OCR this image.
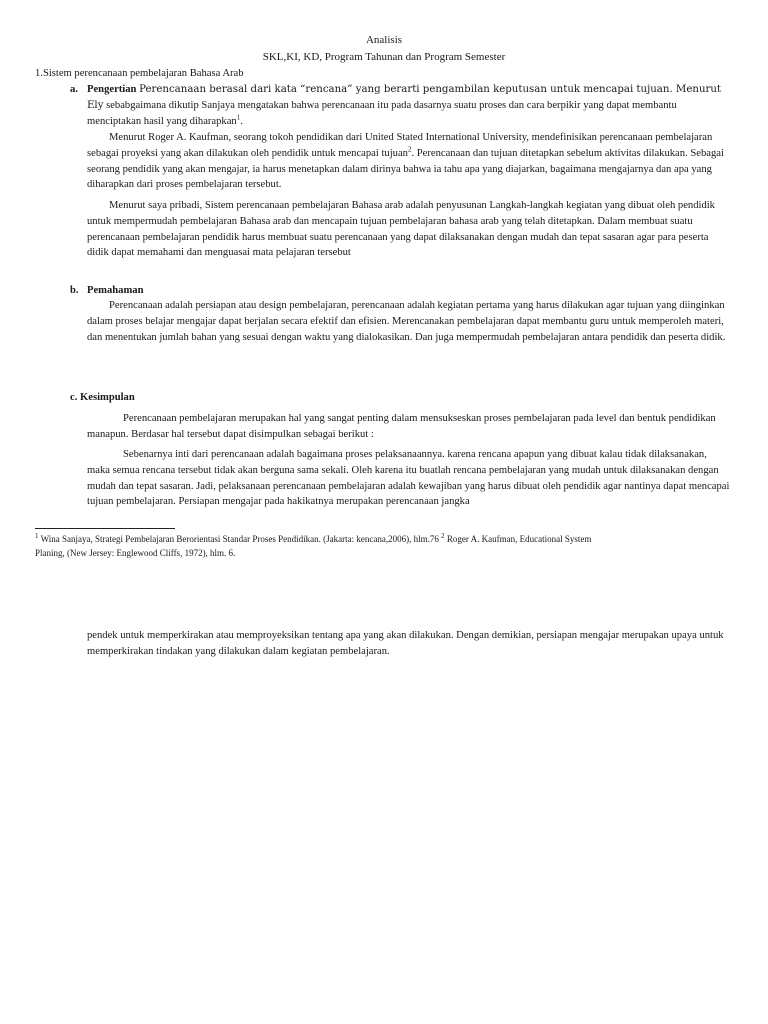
Analisis
SKL,KI, KD, Program Tahunan dan Program Semester
1.Sistem perencanaan pembelajaran Bahasa Arab
a. Pengertian Perencanaan berasal dari kata “rencana” yang berarti pengambilan keputusan untuk mencapai tujuan. Menurut Ely sebabgaimana dikutip Sanjaya mengatakan bahwa perencanaan itu pada dasarnya suatu proses dan cara berpikir yang dapat membantu menciptakan hasil yang diharapkan$^1$.
Menurut Roger A. Kaufman, seorang tokoh pendidikan dari United Stated International University, mendefinisikan perencanaan pembelajaran sebagai proyeksi yang akan dilakukan oleh pendidik untuk mencapai tujuan$^2$. Perencanaan dan tujuan ditetapkan sebelum aktivitas dilakukan. Sebagai seorang pendidik yang akan mengajar, ia harus menetapkan dalam dirinya bahwa ia tahu apa yang diajarkan, bagaimana mengajarnya dan apa yang diharapkan dari proses pembelajaran tersebut.
Menurut saya pribadi, Sistem perencanaan pembelajaran Bahasa arab adalah penyusunan Langkah-langkah kegiatan yang dibuat oleh pendidik untuk mempermudah pembelajaran Bahasa arab dan mencapain tujuan pembelajaran bahasa arab yang telah ditetapkan. Dalam membuat suatu perencanaan pembelajaran pendidik harus membuat suatu perencanaan yang dapat dilaksanakan dengan mudah dan tepat sasaran agar para peserta didik dapat memahami dan menguasai mata pelajaran tersebut
b. Pemahaman
Perencanaan adalah persiapan atau design pembelajaran, perencanaan adalah kegiatan pertama yang harus dilakukan agar tujuan yang diinginkan dalam proses belajar mengajar dapat berjalan secara efektif dan efisien. Merencanakan pembelajaran dapat membantu guru untuk memperoleh materi, dan menentukan jumlah bahan yang sesuai dengan waktu yang dialokasikan. Dan juga mempermudah pembelajaran antara pendidik dan peserta didik.
c. Kesimpulan
Perencanaan pembelajaran merupakan hal yang sangat penting dalam mensukseskan proses pembelajaran pada level dan bentuk pendidikan manapun. Berdasar hal tersebut dapat disimpulkan sebagai berikut :
Sebenarnya inti dari perencanaan adalah bagaimana proses pelaksanaannya. karena rencana apapun yang dibuat kalau tidak dilaksanakan, maka semua rencana tersebut tidak akan berguna sama sekali. Oleh karena itu buatlah rencana pembelajaran yang mudah untuk dilaksanakan dengan mudah dan tepat sasaran. Jadi, pelaksanaan perencanaan pembelajaran adalah kewajiban yang harus dibuat oleh pendidik agar nantinya dapat mencapai tujuan pembelajaran. Persiapan mengajar pada hakikatnya merupakan perencanaan jangka
$^1$ Wina Sanjaya, Strategi Pembelajaran Berorientasi Standar Proses Pendidikan. (Jakarta: kencana,2006), hlm.76 $^2$ Roger A. Kaufman, Educational System Planing, (New Jersey: Englewood Cliffs, 1972), hlm. 6.
pendek untuk memperkirakan atau memproyeksikan tentang apa yang akan dilakukan. Dengan demikian, persiapan mengajar merupakan upaya untuk memperkirakan tindakan yang dilakukan dalam kegiatan pembelajaran.
